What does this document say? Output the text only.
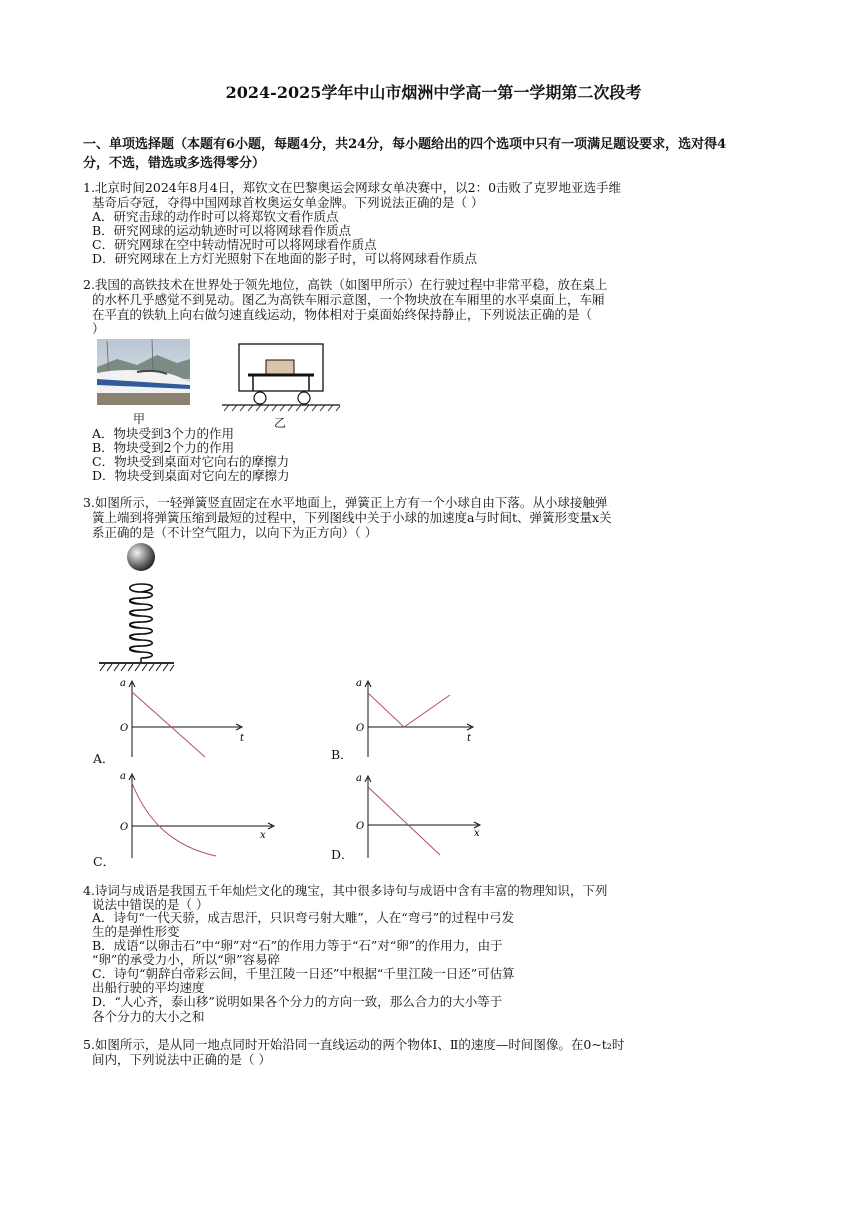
2024-2025学年中山市烟洲中学高一第一学期第二次段考
一、单项选择题（本题有6小题，每题4分，共24分，每小题给出的四个选项中只有一项满足题设要求，选对得4
分，不选，错选或多选得零分）
1.北京时间2024年8月4日，郑钦文在巴黎奥运会网球女单决赛中，以2：0击败了克罗地亚选手维
基奇后夺冠，夺得中国网球首枚奥运女单金牌。下列说法正确的是（ ）
A．研究击球的动作时可以将郑钦文看作质点
B．研究网球的运动轨迹时可以将网球看作质点
C．研究网球在空中转动情况时可以将网球看作质点
D．研究网球在上方灯光照射下在地面的影子时，可以将网球看作质点
2.我国的高铁技术在世界处于领先地位，高铁（如图甲所示）在行驶过程中非常平稳，放在桌上
的水杯几乎感觉不到晃动。图乙为高铁车厢示意图，一个物块放在车厢里的水平桌面上，车厢
在平直的铁轨上向右做匀速直线运动，物体相对于桌面始终保持静止，下列说法正确的是（
）
甲	乙
A．物块受到3个力的作用
B．物块受到2个力的作用
C．物块受到桌面对它向右的摩擦力
D．物块受到桌面对它向左的摩擦力
3.如图所示，一轻弹簧竖直固定在水平地面上，弹簧正上方有一个小球自由下落。从小球接触弹
簧上端到将弹簧压缩到最短的过程中，下列图线中关于小球的加速度a与时间t、弹簧形变量x关
系正确的是（不计空气阻力，以向下为正方向）（ ）
a
O
t
A．
a
O
t
B．
a
O
x
C．
a
O
x
D．
4.诗词与成语是我国五千年灿烂文化的瑰宝，其中很多诗句与成语中含有丰富的物理知识，下列
说法中错误的是（ ）
A．诗句“一代天骄，成吉思汗，只识弯弓射大雕”，人在“弯弓”的过程中弓发
生的是弹性形变
B．成语“以卵击石”中“卵”对“石”的作用力等于“石”对“卵”的作用力，由于
“卵”的承受力小，所以“卵”容易碎
C．诗句“朝辞白帝彩云间，千里江陵一日还”中根据“千里江陵一日还”可估算
出船行驶的平均速度
D．“人心齐，泰山移”说明如果各个分力的方向一致，那么合力的大小等于
各个分力的大小之和
5.如图所示，是从同一地点同时开始沿同一直线运动的两个物体Ⅰ、Ⅱ的速度—时间图像。在0~t₂时
间内，下列说法中正确的是（ ）
